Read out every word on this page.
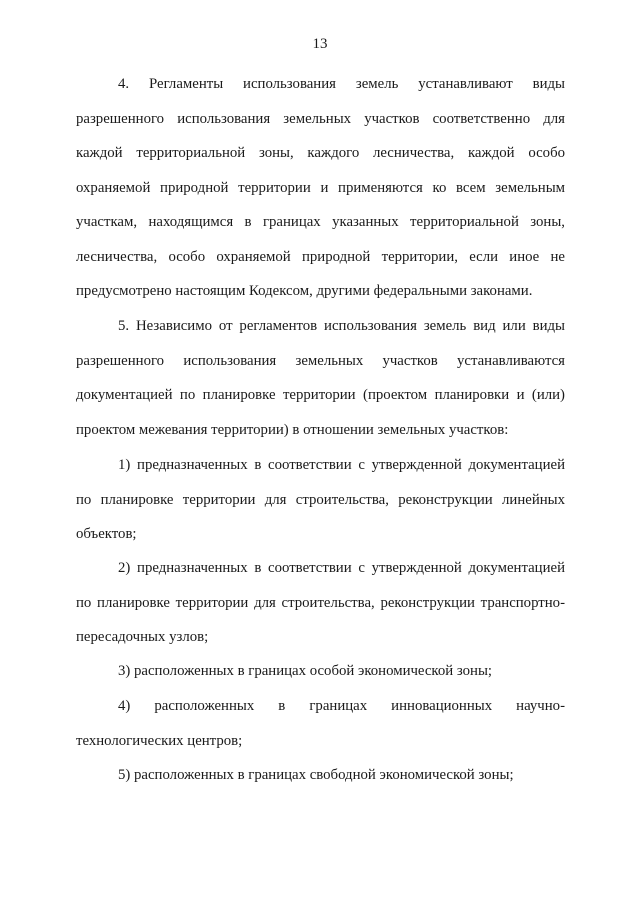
13

4. Регламенты использования земель устанавливают виды разрешенного использования земельных участков соответственно для каждой территориальной зоны, каждого лесничества, каждой особо охраняемой природной территории и применяются ко всем земельным участкам, находящимся в границах указанных территориальной зоны, лесничества, особо охраняемой природной территории, если иное не предусмотрено настоящим Кодексом, другими федеральными законами.

5. Независимо от регламентов использования земель вид или виды разрешенного использования земельных участков устанавливаются документацией по планировке территории (проектом планировки и (или) проектом межевания территории) в отношении земельных участков:

1) предназначенных в соответствии с утвержденной документацией по планировке территории для строительства, реконструкции линейных объектов;

2) предназначенных в соответствии с утвержденной документацией по планировке территории для строительства, реконструкции транспортно-пересадочных узлов;

3) расположенных в границах особой экономической зоны;

4) расположенных в границах инновационных научно-технологических центров;

5) расположенных в границах свободной экономической зоны;
